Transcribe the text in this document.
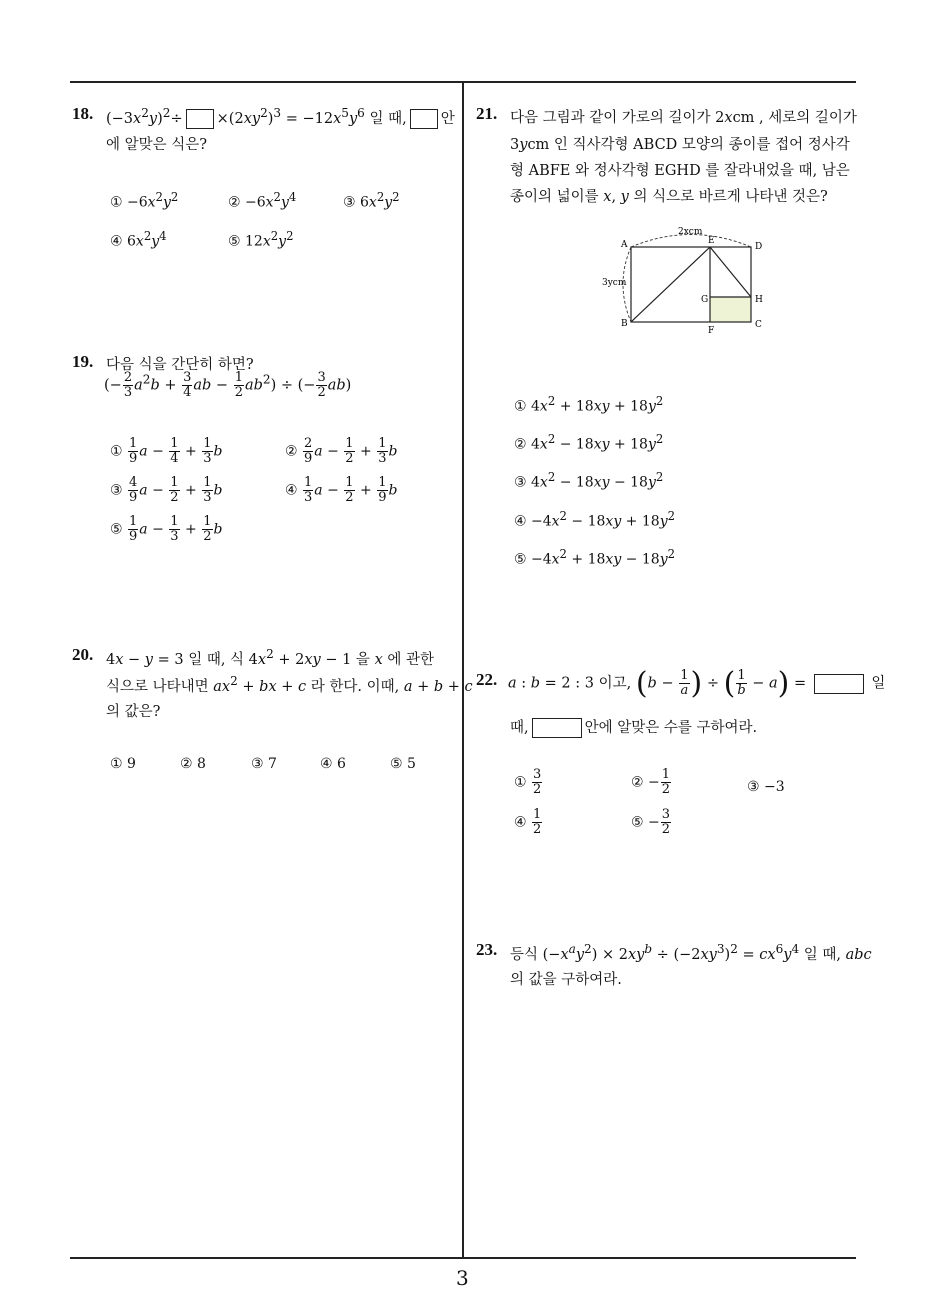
3
18. $(-3x^2y)^2\div \times(2xy^2)^3 = -12x^5y^6$ 일 때, 안
에 알맞은 식은?
① $-6x^2y^2$	② $-6x^2y^4$	③ $6x^2y^2$
④ $6x^2y^4$	⑤ $12x^2y^2$
19. 다음 식을 간단히 하면?
(− $\frac{2}{3} a^2b + \frac{3}{4}$ ab − $\frac{1}{2} ab^2$) ÷ (− $\frac{3}{2} ab$)
① $\frac{1}{9}$ $a - \frac{1}{4} + \frac{1}{3}$ b	② $\frac{2}{9}$ $a - \frac{1}{2} + \frac{1}{3}$ b
③ $\frac{4}{9}$ $a - \frac{1}{2} + \frac{1}{3}$ b	④ $\frac{1}{3}$ $a - \frac{1}{2} + \frac{1}{9}$ b
⑤ $\frac{1}{9}$ $a - \frac{1}{3} + \frac{1}{2}$ b
20. 4x − y = 3 일 때, 식 $4x^2 + 2xy - 1$ 을 x 에 관한
식으로 나타내면 $ax^2$ + bx + c 라 한다. 이때, a + b + c
의 값은?
① 9	② 8	③ 7	④ 6	⑤ 5
21. 다음 그림과 같이 가로의 길이가 2xcm , 세로의 길이가
3ycm 인 직사각형 ABCD 모양의 종이를 접어 정사각
형 ABFE 와 정사각형 EGHD 를 잘라내었을 때, 남은
종이의 넓이를 x, y 의 식으로 바르게 나타낸 것은?
2xcm
3ycm
A	E
D
G	H
B
F
C
① $4x^2 + 18xy + 18y^2$
② $4x^2 - 18xy + 18y^2$
③ $4x^2 - 18xy - 18y^2$
④ $-4x^2 - 18xy + 18y^2$
⑤ $-4x^2 + 18xy - 18y^2$
22. a : b = 2 : 3 이고, ($b - \frac{1}{a}$ ) ÷ ( $\frac{1}{b} - a$) =	일
때,	안에 알맞은 수를 구하여라.
① $\frac{3}{2}$	② − $\frac{1}{2}$	③ −3
④ $\frac{1}{2}$	⑤ − $\frac{3}{2}$
23. 등식 $(-x^ay^2) \times 2xy^b \div (-2xy^3)^2 = cx^6y^4$ 일 때, abc
의 값을 구하여라.
